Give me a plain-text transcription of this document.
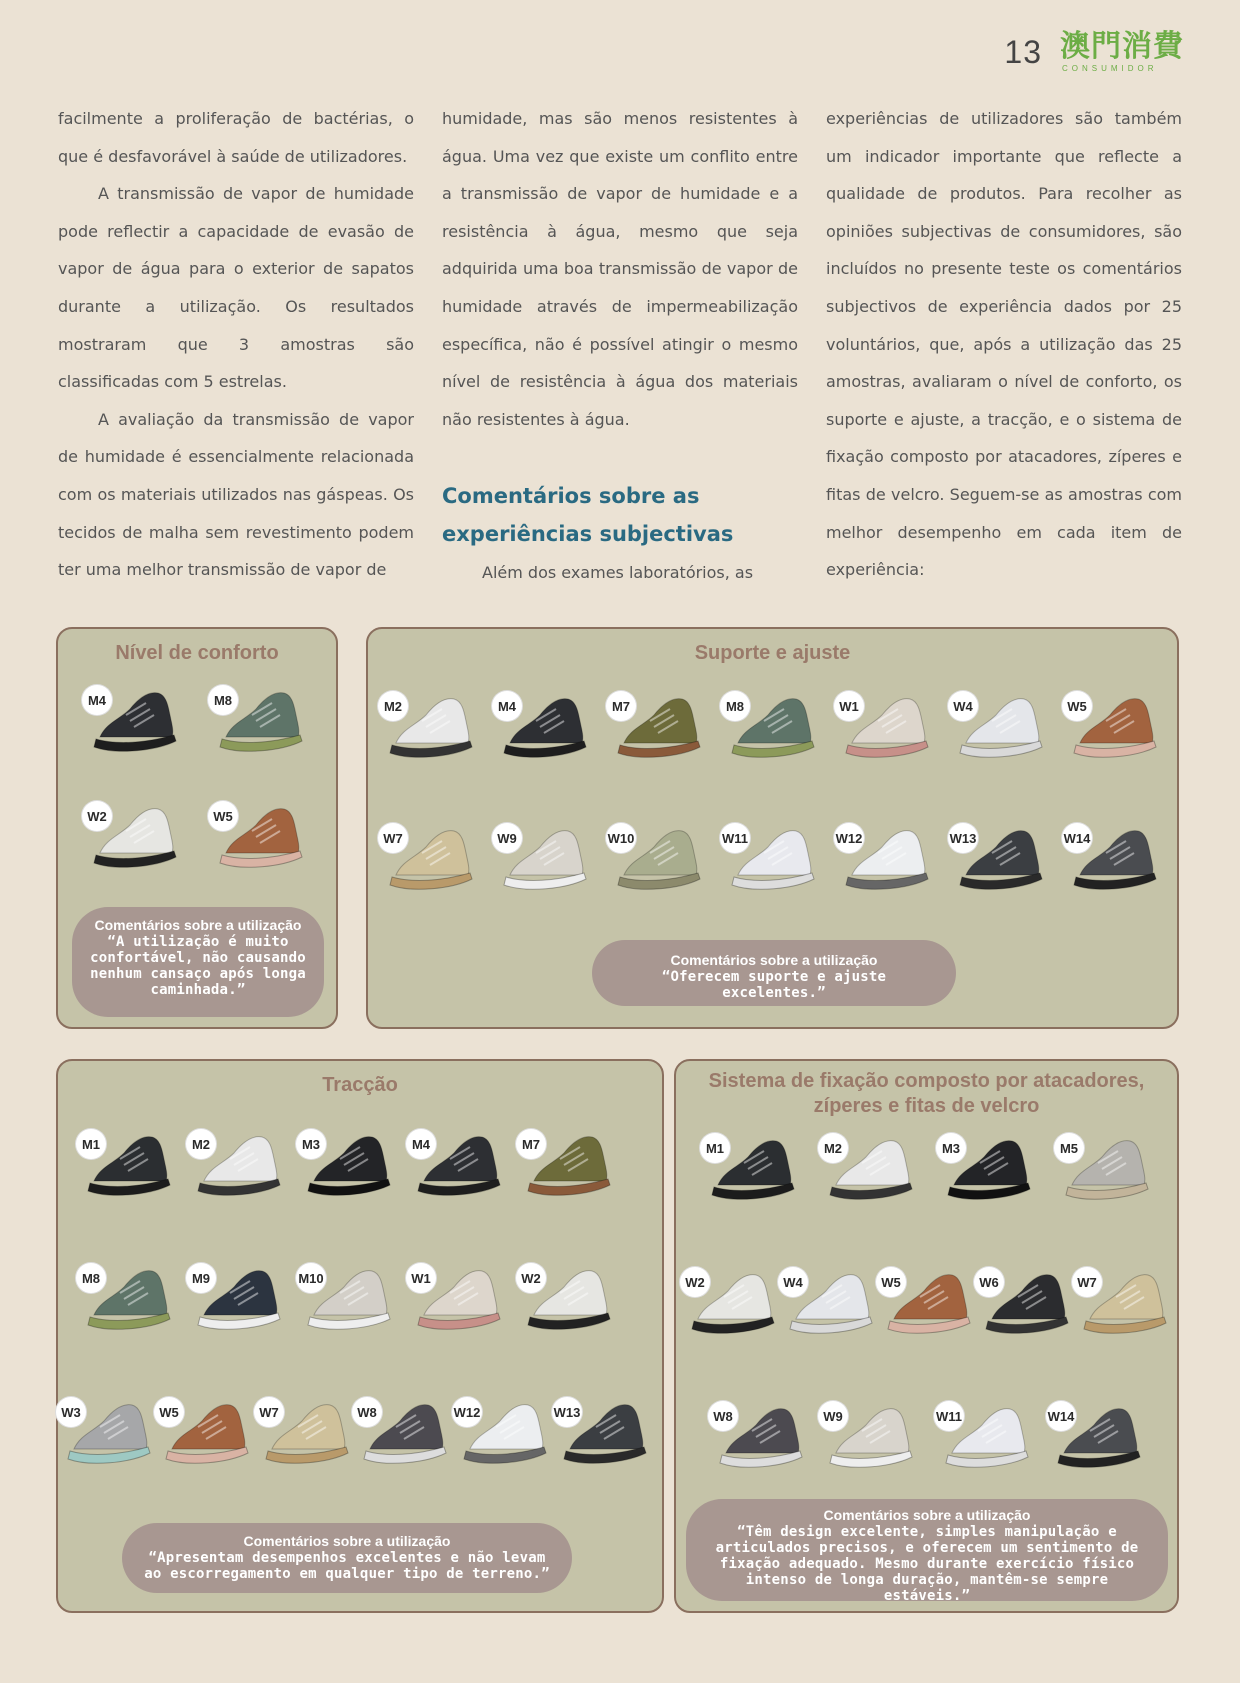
13 澳門消費
CONSUMIDOR

facilmente a proliferação de bactérias, o que é desfavorável à saúde de utilizadores.

A transmissão de vapor de humidade pode reflectir a capacidade de evasão de vapor de água para o exterior de sapatos durante a utilização. Os resultados mostraram que 3 amostras são classificadas com 5 estrelas.

A avaliação da transmissão de vapor de humidade é essencialmente relacionada com os materiais utilizados nas gáspeas. Os tecidos de malha sem revestimento podem ter uma melhor transmissão de vapor de

humidade, mas são menos resistentes à água. Uma vez que existe um conflito entre a transmissão de vapor de humidade e a resistência à água, mesmo que seja adquirida uma boa transmissão de vapor de humidade através de impermeabilização específica, não é possível atingir o mesmo nível de resistência à água dos materiais não resistentes à água.

Comentários sobre as experiências subjectivas

Além dos exames laboratórios, as

experiências de utilizadores são também um indicador importante que reflecte a qualidade de produtos. Para recolher as opiniões subjectivas de consumidores, são incluídos no presente teste os comentários subjectivos de experiência dados por 25 voluntários, que, após a utilização das 25 amostras, avaliaram o nível de conforto, os suporte e ajuste, a tracção, e o sistema de fixação composto por atacadores, zíperes e fitas de velcro. Seguem-se as amostras com melhor desempenho em cada item de experiência:

Nível de conforto
M4	M8
W2	W5
Comentários sobre a utilização
“A utilização é muito confortável, não causando nenhum cansaço após longa caminhada.”
Suporte e ajuste
M2	M4	M7	M8	W1	W4	W5
W7	W9	W10	W11	W12	W13	W14
Comentários sobre a utilização
“Oferecem suporte e ajuste excelentes.”
Tracção
M1	M2	M3	M4	M7
M8	M9	M10	W1	W2
W3	W5	W7	W8	W12	W13
Comentários sobre a utilização
“Apresentam desempenhos excelentes e não levam ao escorregamento em qualquer tipo de terreno.”
Sistema de fixação composto por atacadores, zíperes e fitas de velcro
M1	M2	M3	M5
W2	W4	W5	W6	W7
W8	W9	W11	W14
Comentários sobre a utilização
“Têm design excelente, simples manipulação e articulados precisos, e oferecem um sentimento de fixação adequado. Mesmo durante exercício físico intenso de longa duração, mantêm-se sempre estáveis.”
